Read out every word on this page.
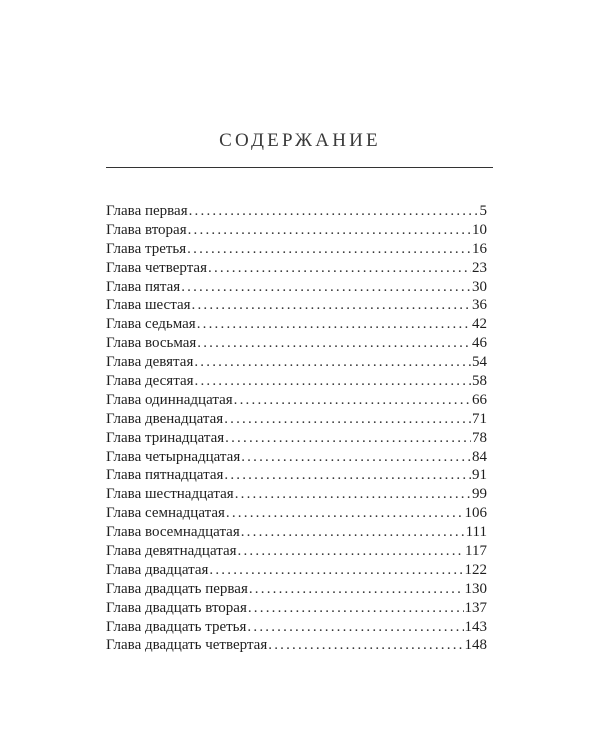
СОДЕРЖАНИЕ
Глава первая .....	5
Глава вторая .....	10
Глава третья .....	16
Глава четвертая .....	23
Глава пятая .....	30
Глава шестая .....	36
Глава седьмая .....	42
Глава восьмая .....	46
Глава девятая .....	54
Глава десятая .....	58
Глава одиннадцатая .....	66
Глава двенадцатая .....	71
Глава тринадцатая .....	78
Глава четырнадцатая .....	84
Глава пятнадцатая .....	91
Глава шестнадцатая .....	99
Глава семнадцатая .....	106
Глава восемнадцатая .....	111
Глава девятнадцатая .....	117
Глава двадцатая .....	122
Глава двадцать первая .....	130
Глава двадцать вторая .....	137
Глава двадцать третья .....	143
Глава двадцать четвертая .....	148
